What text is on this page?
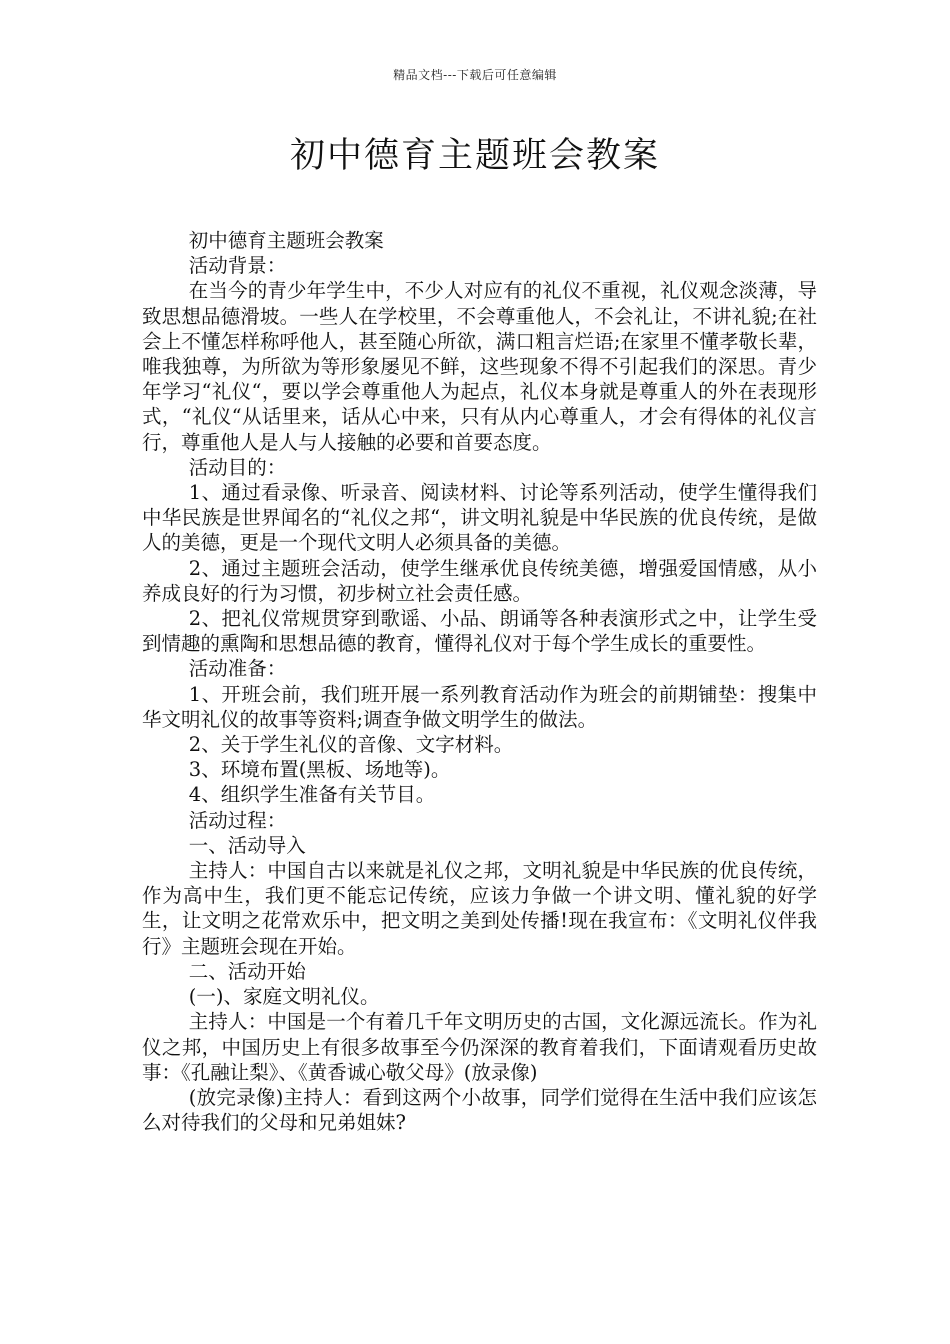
精品文档---下载后可任意编辑
初中德育主题班会教案

初中德育主题班会教案

活动背景：

在当今的青少年学生中，不少人对应有的礼仪不重视，礼仪观念淡薄，导致思想品德滑坡。一些人在学校里，不会尊重他人，不会礼让，不讲礼貌;在社会上不懂怎样称呼他人，甚至随心所欲，满口粗言烂语;在家里不懂孝敬长辈，唯我独尊，为所欲为等形象屡见不鲜，这些现象不得不引起我们的深思。青少年学习“礼仪“，要以学会尊重他人为起点，礼仪本身就是尊重人的外在表现形式，“礼仪“从话里来，话从心中来，只有从内心尊重人，才会有得体的礼仪言行，尊重他人是人与人接触的必要和首要态度。

活动目的：

1、通过看录像、听录音、阅读材料、讨论等系列活动，使学生懂得我们中华民族是世界闻名的“礼仪之邦“，讲文明礼貌是中华民族的优良传统，是做人的美德，更是一个现代文明人必须具备的美德。

2、通过主题班会活动，使学生继承优良传统美德，增强爱国情感，从小养成良好的行为习惯，初步树立社会责任感。

2、把礼仪常规贯穿到歌谣、小品、朗诵等各种表演形式之中，让学生受到情趣的熏陶和思想品德的教育，懂得礼仪对于每个学生成长的重要性。

活动准备：

1、开班会前，我们班开展一系列教育活动作为班会的前期铺垫：搜集中华文明礼仪的故事等资料;调查争做文明学生的做法。

2、关于学生礼仪的音像、文字材料。

3、环境布置(黑板、场地等)。

4、组织学生准备有关节目。

活动过程：

一、活动导入

主持人：中国自古以来就是礼仪之邦，文明礼貌是中华民族的优良传统，作为高中生，我们更不能忘记传统，应该力争做一个讲文明、懂礼貌的好学生，让文明之花常欢乐中，把文明之美到处传播!现在我宣布：《文明礼仪伴我行》主题班会现在开始。

二、活动开始

(一)、家庭文明礼仪。

主持人：中国是一个有着几千年文明历史的古国，文化源远流长。作为礼仪之邦，中国历史上有很多故事至今仍深深的教育着我们，下面请观看历史故事：《孔融让梨》、《黄香诚心敬父母》(放录像)

(放完录像)主持人：看到这两个小故事，同学们觉得在生活中我们应该怎么对待我们的父母和兄弟姐妹?
